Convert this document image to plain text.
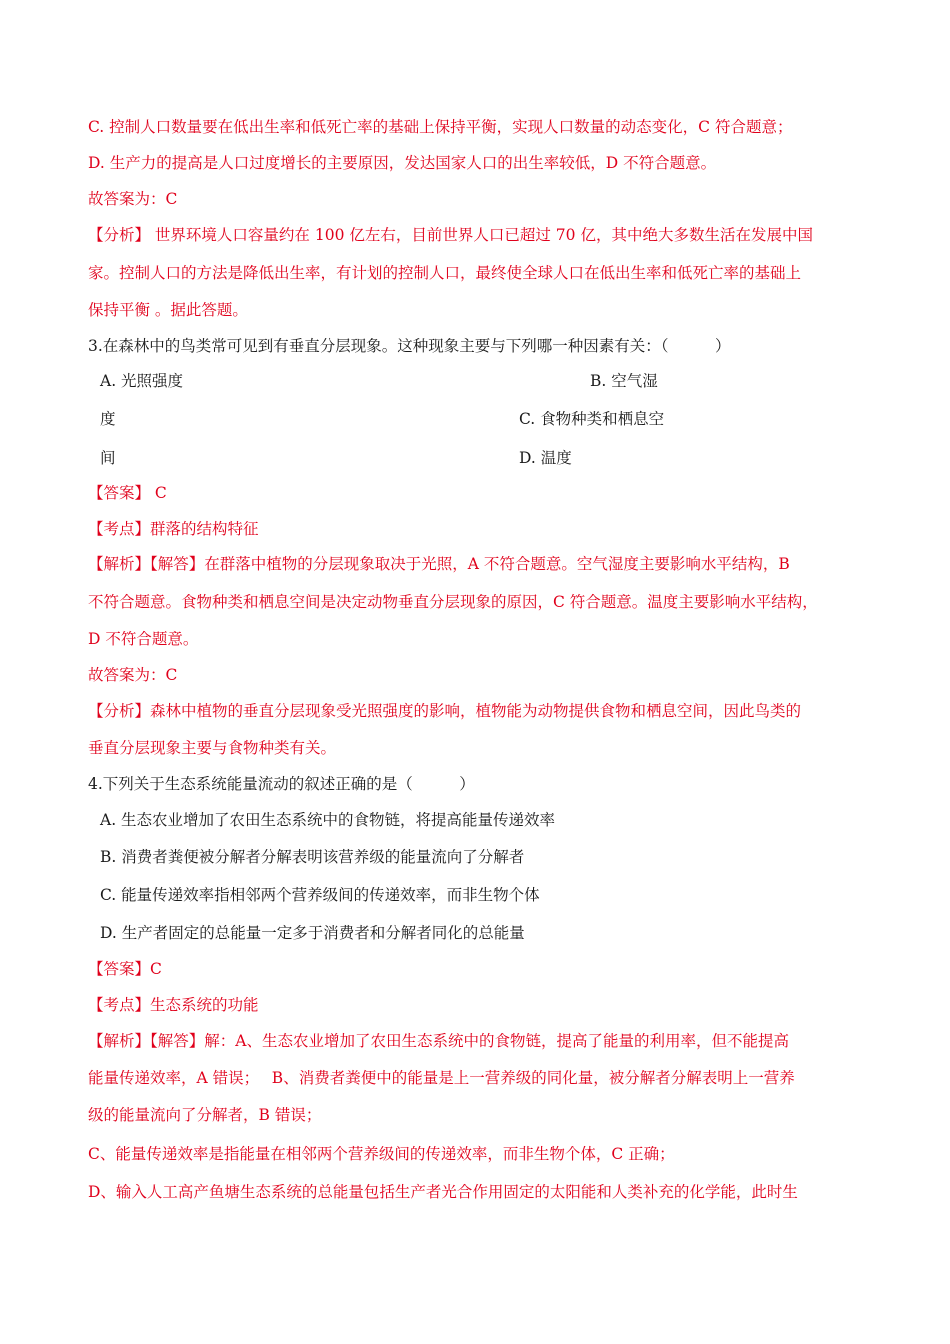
C. 控制人口数量要在低出生率和低死亡率的基础上保持平衡，实现人口数量的动态变化，C 符合题意；
D. 生产力的提高是人口过度增长的主要原因，发达国家人口的出生率较低，D 不符合题意。
故答案为：C
【分析】 世界环境人口容量约在 100 亿左右，目前世界人口已超过 70 亿，其中绝大多数生活在发展中国
家。控制人口的方法是降低出生率，有计划的控制人口，最终使全球人口在低出生率和低死亡率的基础上
保持平衡 。据此答题。
3.在森林中的鸟类常可见到有垂直分层现象。这种现象主要与下列哪一种因素有关：（　　　）
A. 光照强度	B. 空气湿
度	C. 食物种类和栖息空
间	D. 温度
【答案】 C
【考点】群落的结构特征
【解析】【解答】在群落中植物的分层现象取决于光照，A 不符合题意。空气湿度主要影响水平结构，B
不符合题意。食物种类和栖息空间是决定动物垂直分层现象的原因，C 符合题意。温度主要影响水平结构，
D 不符合题意。
故答案为：C
【分析】森林中植物的垂直分层现象受光照强度的影响，植物能为动物提供食物和栖息空间，因此鸟类的
垂直分层现象主要与食物种类有关。
4.下列关于生态系统能量流动的叙述正确的是（　　　）
A. 生态农业增加了农田生态系统中的食物链，将提高能量传递效率
B. 消费者粪便被分解者分解表明该营养级的能量流向了分解者
C. 能量传递效率指相邻两个营养级间的传递效率，而非生物个体
D. 生产者固定的总能量一定多于消费者和分解者同化的总能量
【答案】C
【考点】生态系统的功能
【解析】【解答】解：A、生态农业增加了农田生态系统中的食物链，提高了能量的利用率，但不能提高
能量传递效率，A 错误；　 B、消费者粪便中的能量是上一营养级的同化量，被分解者分解表明上一营养
级的能量流向了分解者，B 错误；
C、能量传递效率是指能量在相邻两个营养级间的传递效率，而非生物个体，C 正确；
D、输入人工高产鱼塘生态系统的总能量包括生产者光合作用固定的太阳能和人类补充的化学能，此时生
